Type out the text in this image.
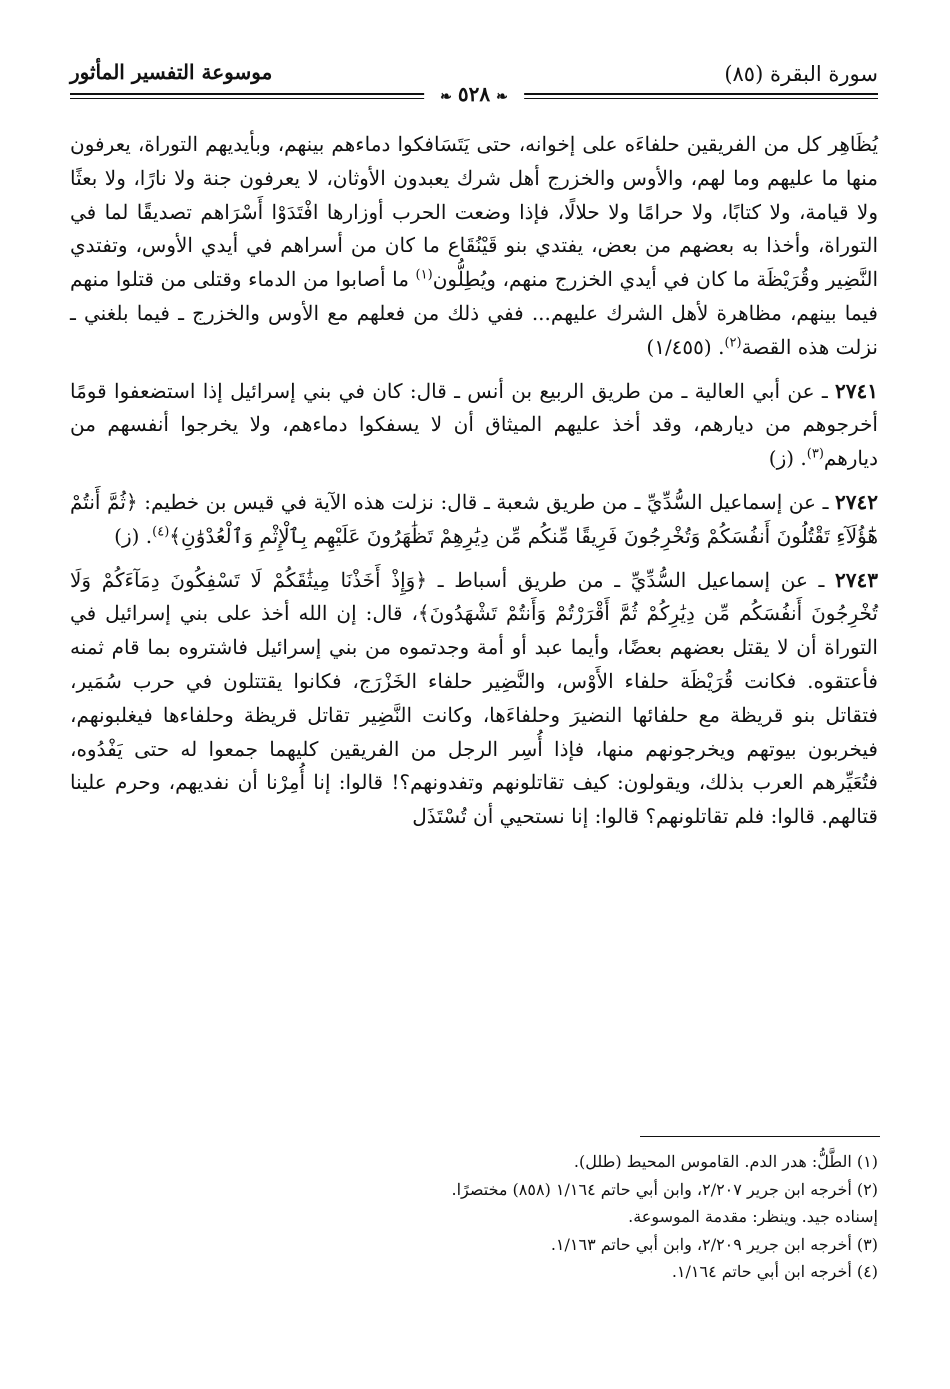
سورة البقرة (٨٥)
موسوعة التفسير المأثور
❧٥٢٨❧

يُظَاهِر كل من الفريقين حلفاءَه على إخوانه، حتى يَتَسَافكوا دماءهم بينهم، وبأيديهم التوراة، يعرفون منها ما عليهم وما لهم، والأوس والخزرج أهل شرك يعبدون الأوثان، لا يعرفون جنة ولا نارًا، ولا بعثًا ولا قيامة، ولا كتابًا، ولا حرامًا ولا حلالًا، فإذا وضعت الحرب أوزارها افْتَدَوْا أَسْرَاهم تصديقًا لما في التوراة، وأخذا به بعضهم من بعض، يفتدي بنو قَيْنُقَاع ما كان من أسراهم في أيدي الأوس، وتفتدي النَّضِير وقُرَيْظَة ما كان في أيدي الخزرج منهم، ويُطِلُّون$^{(١)}$ ما أصابوا من الدماء وقتلى من قتلوا منهم فيما بينهم، مظاهرة لأهل الشرك عليهم... ففي ذلك من فعلهم مع الأوس والخزرج ـ فيما بلغني ـ نزلت هذه القصة$^{(٢)}$. (١/٤٥٥)

٢٧٤١ ـ عن أبي العالية ـ من طريق الربيع بن أنس ـ قال: كان في بني إسرائيل إذا استضعفوا قومًا أخرجوهم من ديارهم، وقد أخذ عليهم الميثاق أن لا يسفكوا دماءهم، ولا يخرجوا أنفسهم من ديارهم$^{(٣)}$. (ز)

٢٧٤٢ ـ عن إسماعيل السُّدِّيِّ ـ من طريق شعبة ـ قال: نزلت هذه الآية في قيس بن خطيم: ﴿ثُمَّ أَنتُمْ هَٰٓؤُلَآءِ تَقْتُلُونَ أَنفُسَكُمْ وَتُخْرِجُونَ فَرِيقًا مِّنكُم مِّن دِيَٰرِهِمْ تَظَٰهَرُونَ عَلَيْهِم بِٱلْإِثْمِ وَٱلْعُدْوَٰنِ﴾$^{(٤)}$. (ز)

٢٧٤٣ ـ عن إسماعيل السُّدِّيِّ ـ من طريق أسباط ـ ﴿وَإِذْ أَخَذْنَا مِيثَٰقَكُمْ لَا تَسْفِكُونَ دِمَآءَكُمْ وَلَا تُخْرِجُونَ أَنفُسَكُم مِّن دِيَٰرِكُمْ ثُمَّ أَقْرَرْتُمْ وَأَنتُمْ تَشْهَدُونَ﴾، قال: إن الله أخذ على بني إسرائيل في التوراة أن لا يقتل بعضهم بعضًا، وأيما عبد أو أمة وجدتموه من بني إسرائيل فاشتروه بما قام ثمنه فأعتقوه. فكانت قُرَيْظَة حلفاء الأَوْس، والنَّضِير حلفاء الخَزْرَج، فكانوا يقتتلون في حرب سُمَير، فتقاتل بنو قريظة مع حلفائها النضيرَ وحلفاءَها، وكانت النَّضِير تقاتل قريظة وحلفاءها فيغلبونهم، فيخربون بيوتهم ويخرجونهم منها، فإذا أُسِر الرجل من الفريقين كليهما جمعوا له حتى يَفْدُوه، فتُعَيِّرهم العرب بذلك، ويقولون: كيف تقاتلونهم وتفدونهم؟! قالوا: إنا أُمِرْنا أن نفديهم، وحرم علينا قتالهم. قالوا: فلم تقاتلونهم؟ قالوا: إنا نستحيي أن تُسْتَذَل

(١) الطَّلُّ: هدر الدم. القاموس المحيط (طلل).

(٢) أخرجه ابن جرير ٢/٢٠٧، وابن أبي حاتم ١/١٦٤ (٨٥٨) مختصرًا.

إسناده جيد. وينظر: مقدمة الموسوعة.

(٣) أخرجه ابن جرير ٢/٢٠٩، وابن أبي حاتم ١/١٦٣.

(٤) أخرجه ابن أبي حاتم ١/١٦٤.
